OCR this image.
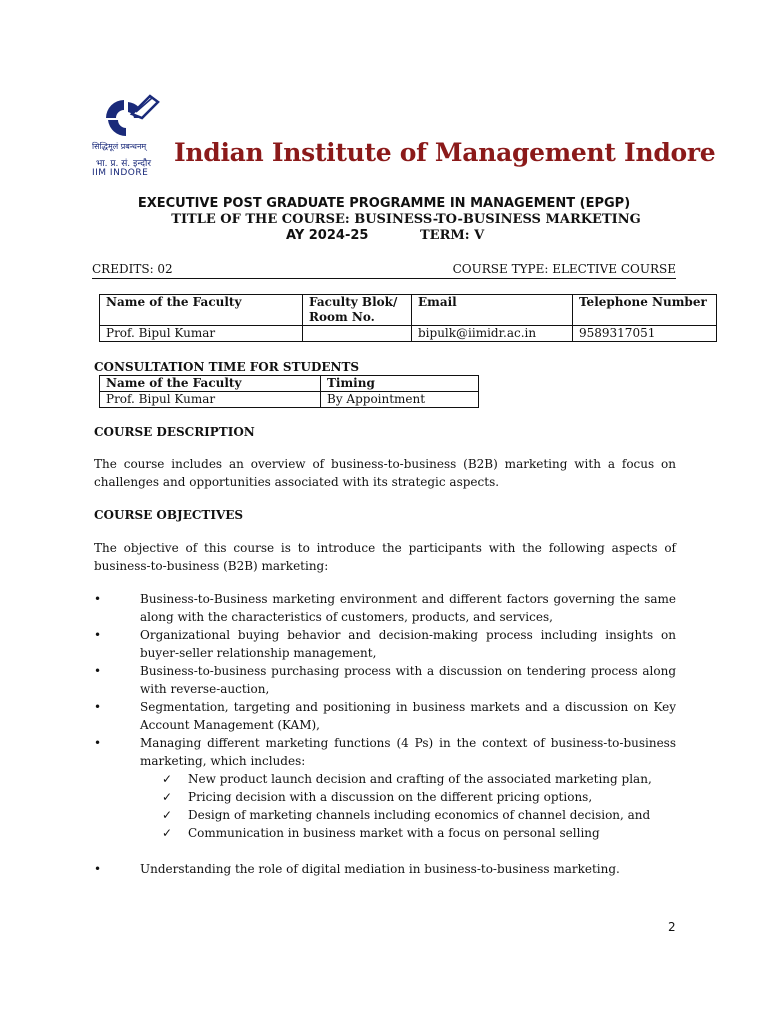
सिद्धिमूलं प्रबन्धनम्
भा. प्र. सं. इन्दौर
IIM INDORE
Indian Institute of Management Indore
EXECUTIVE POST GRADUATE PROGRAMME IN MANAGEMENT (EPGP)
TITLE OF THE COURSE: BUSINESS-TO-BUSINESS MARKETING
AY 2024-25	TERM: V
CREDITS: 02	COURSE TYPE: ELECTIVE COURSE
Name of the Faculty	Faculty Blok/ Room No.	Email	Telephone Number
Prof. Bipul Kumar		bipulk@iimidr.ac.in	9589317051
CONSULTATION TIME FOR STUDENTS
Name of the Faculty	Timing
Prof. Bipul Kumar	By Appointment
COURSE DESCRIPTION
The course includes an overview of business-to-business (B2B) marketing with a focus on challenges and opportunities associated with its strategic aspects.
COURSE OBJECTIVES
The objective of this course is to introduce the participants with the following aspects of business-to-business (B2B) marketing:
•	Business-to-Business marketing environment and different factors governing the same along with the characteristics of customers, products, and services,
•	Organizational buying behavior and decision-making process including insights on buyer-seller relationship management,
•	Business-to-business purchasing process with a discussion on tendering process along with reverse-auction,
•	Segmentation, targeting and positioning in business markets and a discussion on Key Account Management (KAM),
•	Managing different marketing functions (4 Ps) in the context of business-to-business marketing, which includes:
✓ New product launch decision and crafting of the associated marketing plan,
✓ Pricing decision with a discussion on the different pricing options,
✓ Design of marketing channels including economics of channel decision, and
✓ Communication in business market with a focus on personal selling
•	Understanding the role of digital mediation in business-to-business marketing.
2
